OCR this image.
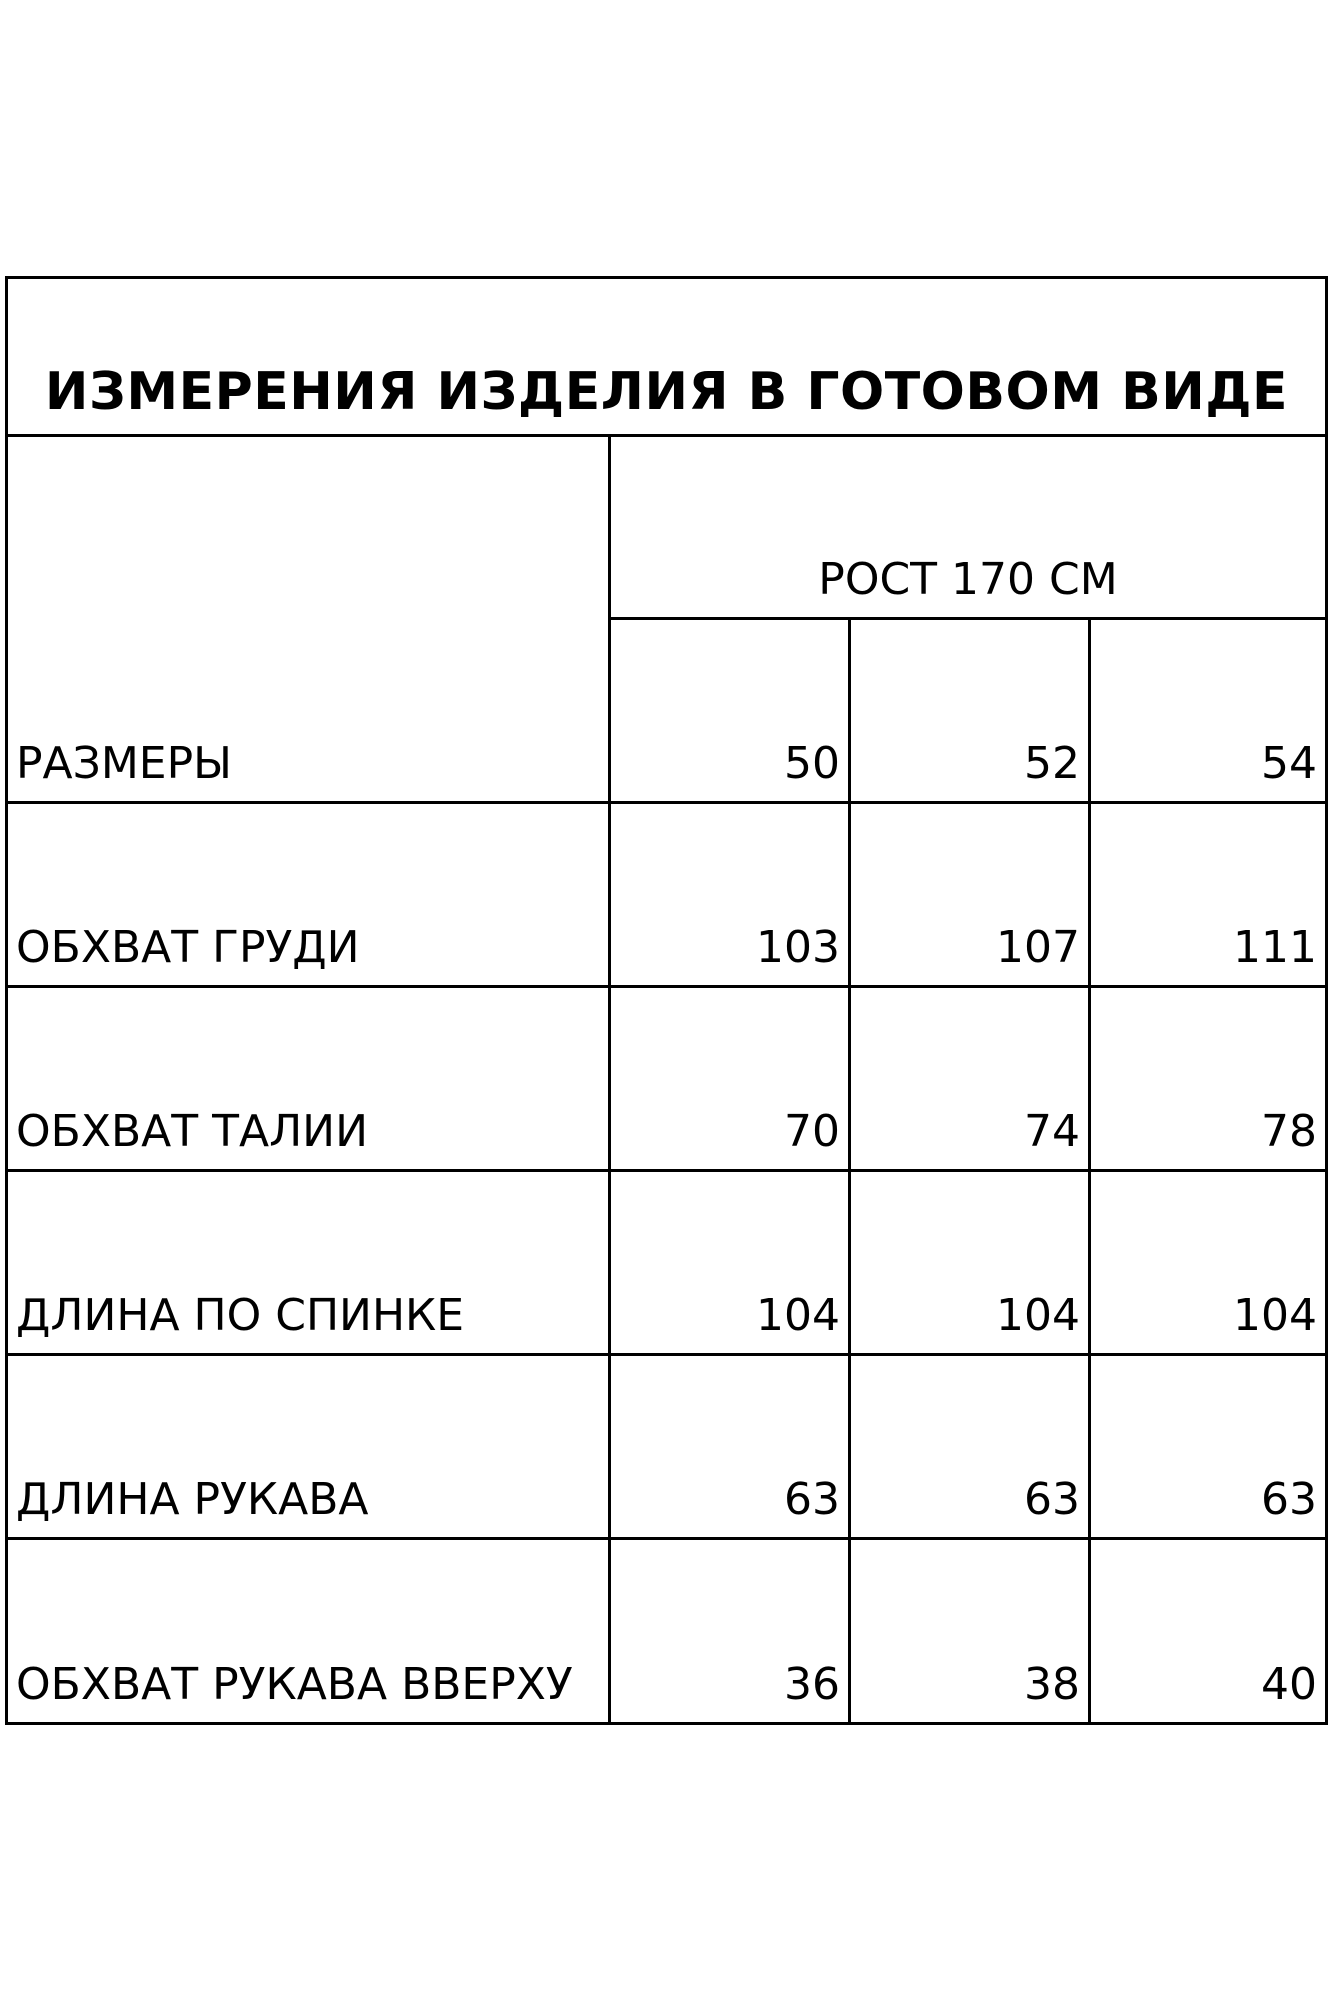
ИЗМЕРЕНИЯ ИЗДЕЛИЯ В ГОТОВОМ ВИДЕ
РОСТ 170 СМ
РАЗМЕРЫ	50	52	54
ОБХВАТ ГРУДИ	103	107	111
ОБХВАТ ТАЛИИ	70	74	78
ДЛИНА ПО СПИНКЕ	104	104	104
ДЛИНА РУКАВА	63	63	63
ОБХВАТ РУКАВА ВВЕРХУ	36	38	40
